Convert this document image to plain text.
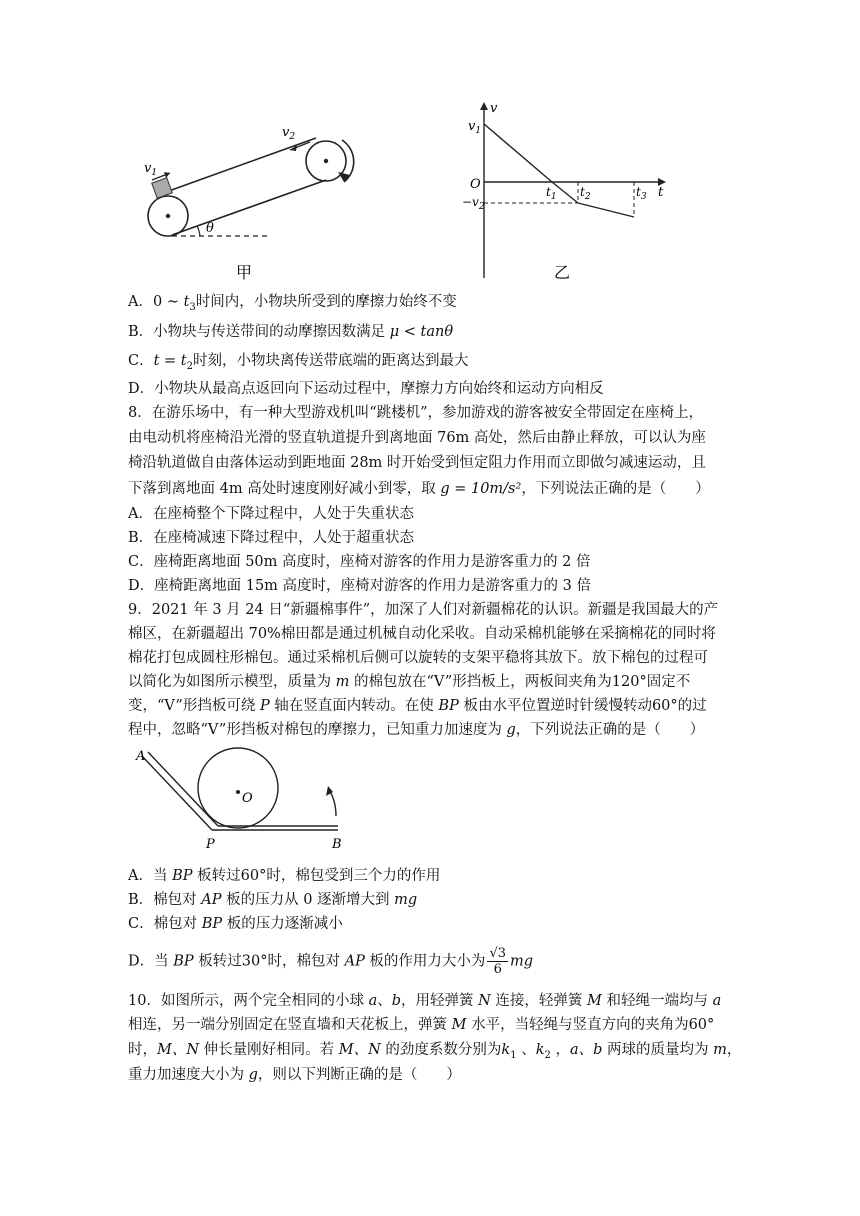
$v_1$
$v_2$
θ
甲
v
t
O
$v_1$
$-v_2$
$t_1$ $t_2$	$t_3$
乙
A．0 ~ $t_3$时间内，小物块所受到的摩擦力始终不变
B．小物块与传送带间的动摩擦因数满足 μ < tanθ
C．$t = t_2$时刻，小物块离传送带底端的距离达到最大
D．小物块从最高点返回向下运动过程中，摩擦力方向始终和运动方向相反
8．在游乐场中，有一种大型游戏机叫“跳楼机”，参加游戏的游客被安全带固定在座椅上，
由电动机将座椅沿光滑的竖直轨道提升到离地面 76m 高处，然后由静止释放，可以认为座
椅沿轨道做自由落体运动到距地面 28m 时开始受到恒定阻力作用而立即做匀减速运动，且
下落到离地面 4m 高处时速度刚好减小到零，取 g = 10m/s²，下列说法正确的是（　　）
A．在座椅整个下降过程中，人处于失重状态
B．在座椅减速下降过程中，人处于超重状态
C．座椅距离地面 50m 高度时，座椅对游客的作用力是游客重力的 2 倍
D．座椅距离地面 15m 高度时，座椅对游客的作用力是游客重力的 3 倍
9．2021 年 3 月 24 日“新疆棉事件”，加深了人们对新疆棉花的认识。新疆是我国最大的产
棉区，在新疆超出 70%棉田都是通过机械自动化采收。自动采棉机能够在采摘棉花的同时将
棉花打包成圆柱形棉包。通过采棉机后侧可以旋转的支架平稳将其放下。放下棉包的过程可
以简化为如图所示模型，质量为 m 的棉包放在“V”形挡板上，两板间夹角为120°固定不
变，“V”形挡板可绕 P 轴在竖直面内转动。在使 BP 板由水平位置逆时针缓慢转动60°的过
程中，忽略“V”形挡板对棉包的摩擦力，已知重力加速度为 g，下列说法正确的是（　　）
A
O
P	B
A．当 BP 板转过60°时，棉包受到三个力的作用
B．棉包对 AP 板的压力从 0 逐渐增大到 mg
C．棉包对 BP 板的压力逐渐减小
D．当 BP 板转过30°时，棉包对 AP 板的作用力大小为 $\frac{√3}{6}$ mg
10．如图所示，两个完全相同的小球 a、b，用轻弹簧 N 连接，轻弹簧 M 和轻绳一端均与 a
相连，另一端分别固定在竖直墙和天花板上，弹簧 M 水平，当轻绳与竖直方向的夹角为60°
时，M、N 伸长量刚好相同。若 M、N 的劲度系数分别为$k_1$ 、$k_2$ ，a、b 两球的质量均为 m，
重力加速度大小为 g，则以下判断正确的是（　　）
